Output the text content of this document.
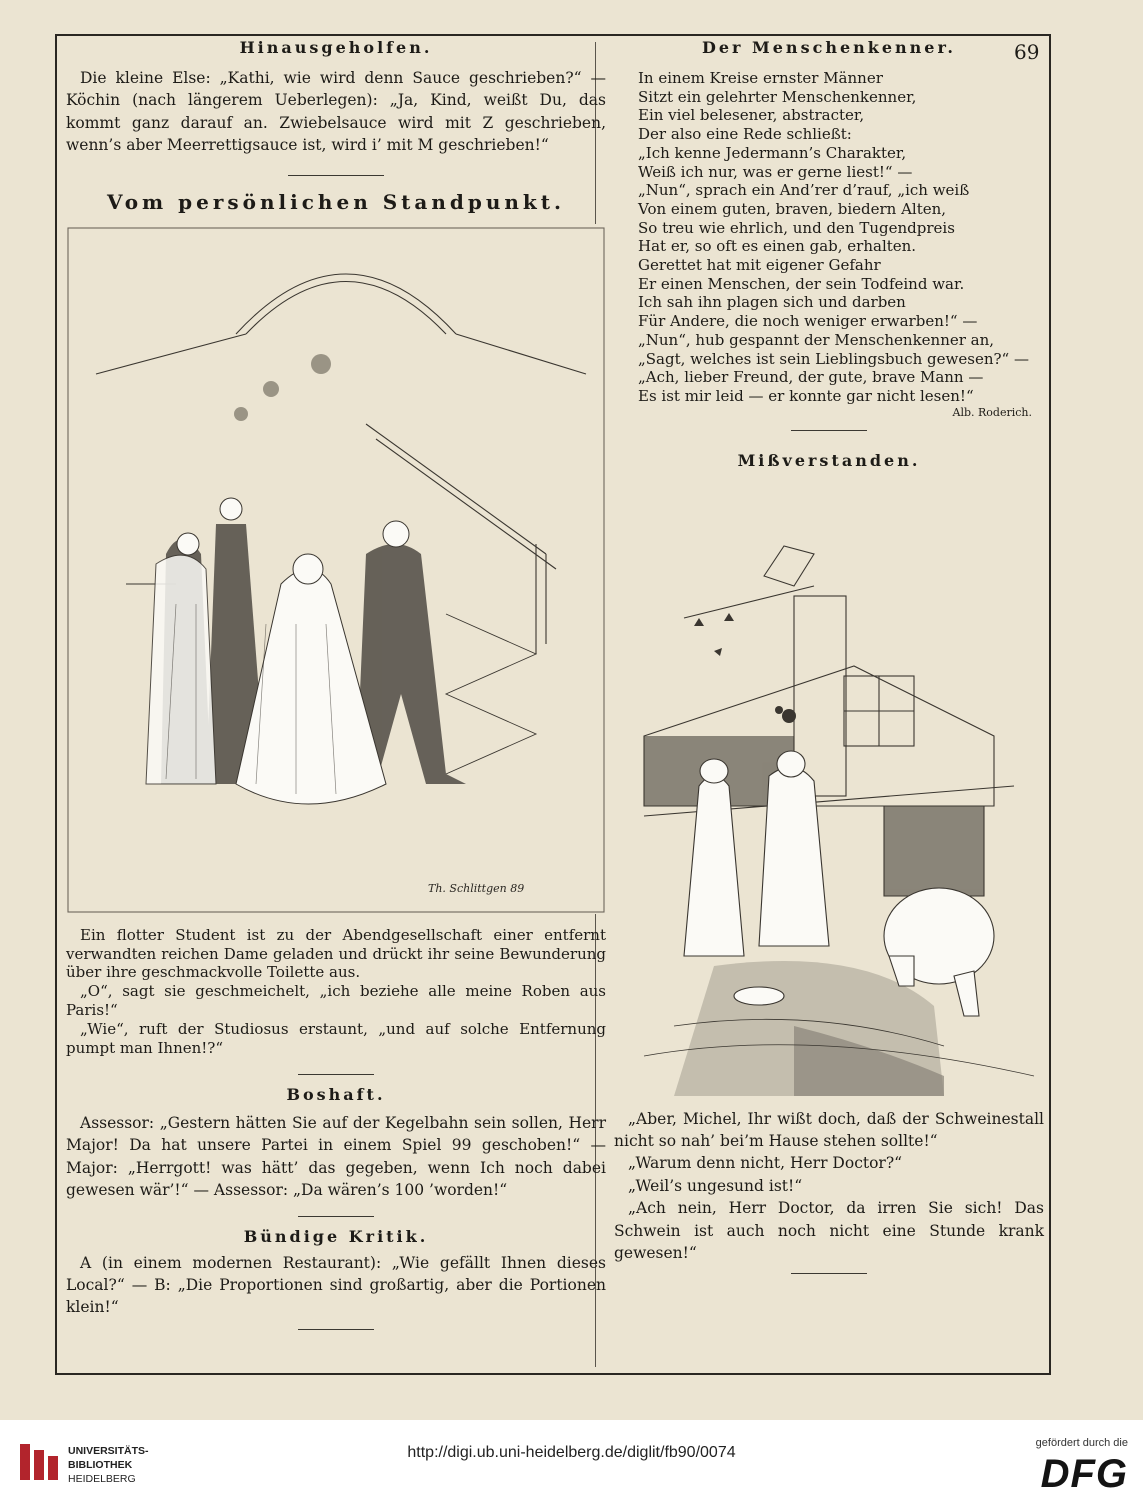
69
Hinausgeholfen.

Die kleine Else: „Kathi, wie wird denn Sauce geschrieben?“ — Köchin (nach längerem Ueberlegen): „Ja, Kind, weißt Du, das kommt ganz darauf an. Zwiebelsauce wird mit Z geschrieben, wenn’s aber Meerrettigsauce ist, wird i’ mit M geschrieben!“

Vom persönlichen Standpunkt.
Th. Schlittgen 89

Ein flotter Student ist zu der Abendgesellschaft einer entfernt verwandten reichen Dame geladen und drückt ihr seine Bewunderung über ihre geschmackvolle Toilette aus.

„O“, sagt sie geschmeichelt, „ich beziehe alle meine Roben aus Paris!“

„Wie“, ruft der Studiosus erstaunt, „und auf solche Entfernung pumpt man Ihnen!?“

Boshaft.

Assessor: „Gestern hätten Sie auf der Kegelbahn sein sollen, Herr Major! Da hat unsere Partei in einem Spiel 99 geschoben!“ — Major: „Herrgott! was hätt’ das gegeben, wenn Ich noch dabei gewesen wär’!“ — Assessor: „Da wären’s 100 ’worden!“

Bündige Kritik.

A (in einem modernen Restaurant): „Wie gefällt Ihnen dieses Local?“ — B: „Die Proportionen sind großartig, aber die Portionen klein!“

Der Menschenkenner.
In einem Kreise ernster Männer
Sitzt ein gelehrter Menschenkenner,
Ein viel belesener, abstracter,
Der also eine Rede schließt:
„Ich kenne Jedermann’s Charakter,
Weiß ich nur, was er gerne liest!“ —
„Nun“, sprach ein And’rer d’rauf, „ich weiß
Von einem guten, braven, biedern Alten,
So treu wie ehrlich, und den Tugendpreis
Hat er, so oft es einen gab, erhalten.
Gerettet hat mit eigener Gefahr
Er einen Menschen, der sein Todfeind war.
Ich sah ihn plagen sich und darben
Für Andere, die noch weniger erwarben!“ —
„Nun“, hub gespannt der Menschenkenner an,
„Sagt, welches ist sein Lieblingsbuch gewesen?“ —
„Ach, lieber Freund, der gute, brave Mann —
Es ist mir leid — er konnte gar nicht lesen!“
Alb. Roderich.
Mißverstanden.

„Aber, Michel, Ihr wißt doch, daß der Schweinestall nicht so nah’ bei’m Hause stehen sollte!“

„Warum denn nicht, Herr Doctor?“

„Weil’s ungesund ist!“

„Ach nein, Herr Doctor, da irren Sie sich! Das Schwein ist auch noch nicht eine Stunde krank gewesen!“

UNIVERSITÄTS-
BIBLIOTHEK
HEIDELBERG
http://digi.ub.uni-heidelberg.de/diglit/fb90/0074
gefördert durch die
DFG
